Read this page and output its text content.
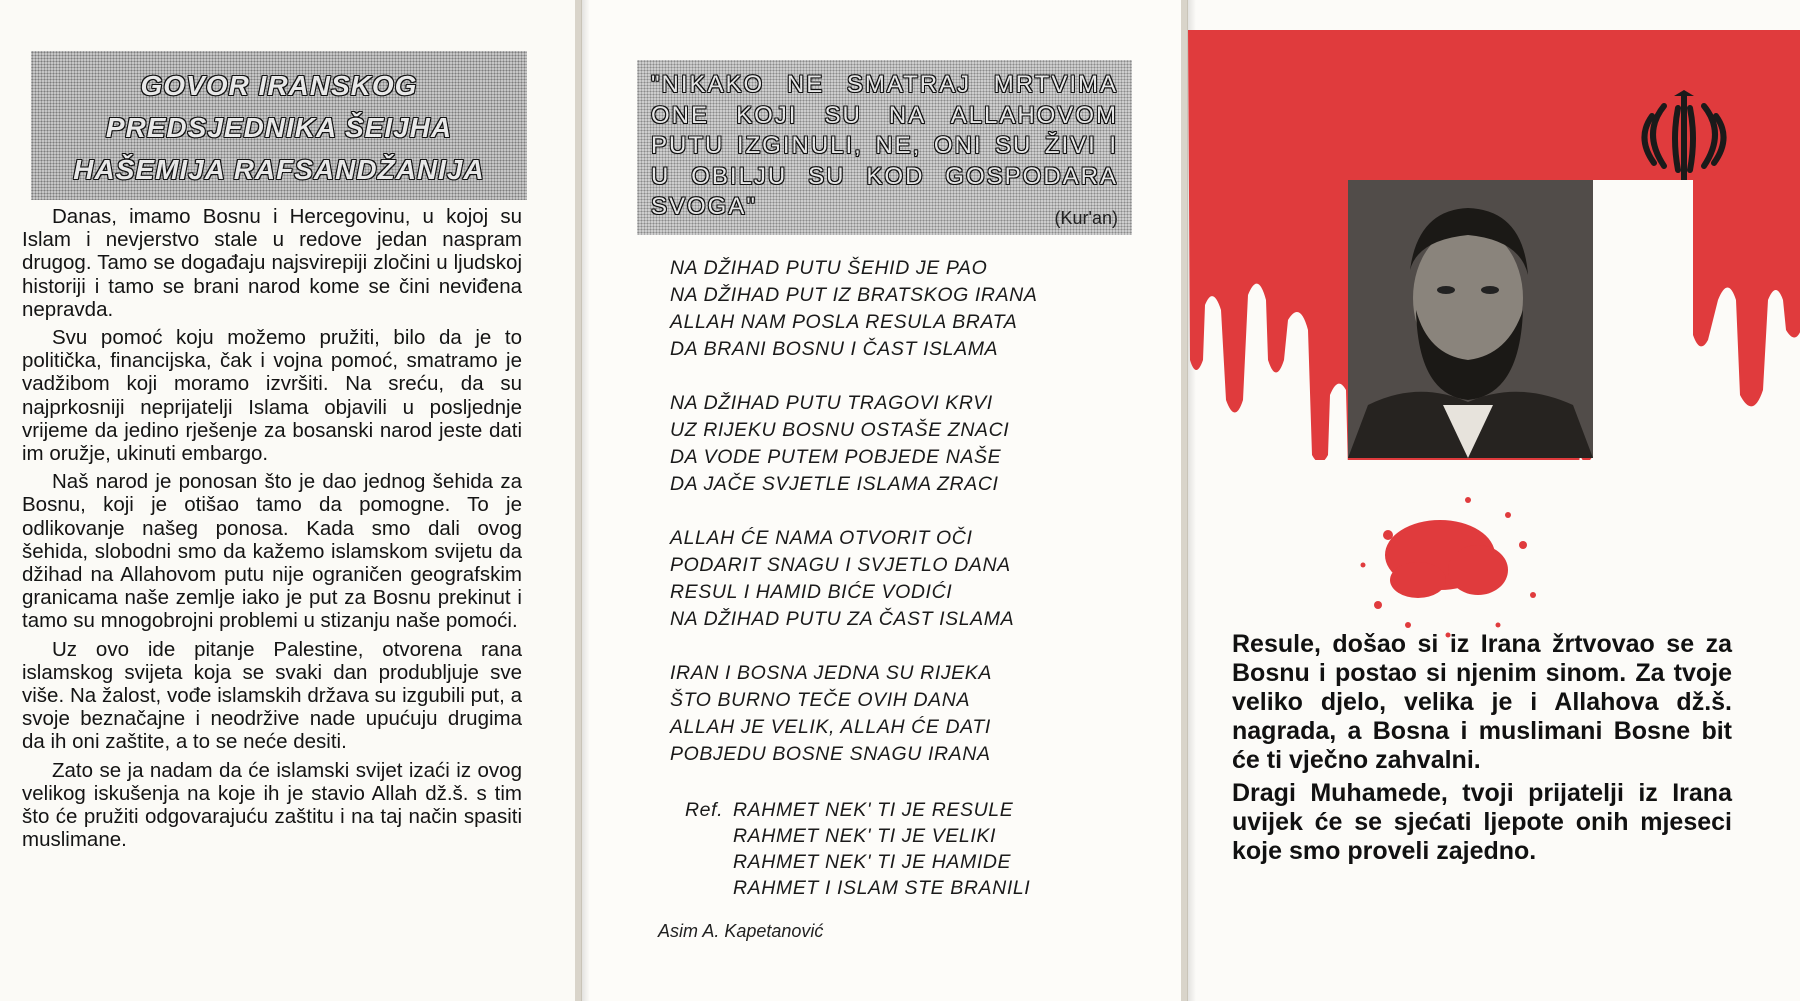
GOVOR IRANSKOG
PREDSJEDNIKA ŠEIJHA
HAŠEMIJA RAFSANDŽANIJA

Danas, imamo Bosnu i Hercegovinu, u kojoj su Islam i nevjerstvo stale u redove jedan naspram drugog. Tamo se događaju najsvirepiji zločini u ljudskoj historiji i tamo se brani narod kome se čini neviđena nepravda.

Svu pomoć koju možemo pružiti, bilo da je to politička, financijska, čak i vojna pomoć, smatramo je vadžibom koji moramo izvršiti. Na sreću, da su najprkosniji neprijatelji Islama objavili u posljednje vrijeme da jedino rješenje za bosanski narod jeste dati im oružje, ukinuti embargo.

Naš narod je ponosan što je dao jednog šehida za Bosnu, koji je otišao tamo da pomogne. To je odlikovanje našeg ponosa. Kada smo dali ovog šehida, slobodni smo da kažemo islamskom svijetu da džihad na Allahovom putu nije ograničen geografskim granicama naše zemlje iako je put za Bosnu prekinut i tamo su mnogobrojni problemi u stizanju naše pomoći.

Uz ovo ide pitanje Palestine, otvorena rana islamskog svijeta koja se svaki dan produbljuje sve više. Na žalost, vođe islamskih država su izgubili put, a svoje beznačajne i neodržive nade upućuju drugima da ih oni zaštite, a to se neće desiti.

Zato se ja nadam da će islamski svijet izaći iz ovog velikog iskušenja na koje ih je stavio Allah dž.š. s tim što će pružiti odgovarajuću zaštitu i na taj način spasiti muslimane.

"NIKAKO NE SMATRAJ MRTVIMA
ONE KOJI SU NA ALLAHOVOM
PUTU IZGINULI, NE, ONI SU ŽIVI I
U OBILJU SU KOD GOSPODARA
SVOGA"	(Kur'an)
NA DŽIHAD PUTU ŠEHID JE PAO
NA DŽIHAD PUT IZ BRATSKOG IRANA
ALLAH NAM POSLA RESULA BRATA
DA BRANI BOSNU I ČAST ISLAMA
NA DŽIHAD PUTU TRAGOVI KRVI
UZ RIJEKU BOSNU OSTAŠE ZNACI
DA VODE PUTEM POBJEDE NAŠE
DA JAČE SVJETLE ISLAMA ZRACI
ALLAH ĆE NAMA OTVORIT OČI
PODARIT SNAGU I SVJETLO DANA
RESUL I HAMID BIĆE VODIĆI
NA DŽIHAD PUTU ZA ČAST ISLAMA
IRAN I BOSNA JEDNA SU RIJEKA
ŠTO BURNO TEČE OVIH DANA
ALLAH JE VELIK, ALLAH ĆE DATI
POBJEDU BOSNE SNAGU IRANA
Ref. RAHMET NEK' TI JE RESULE
RAHMET NEK' TI JE VELIKI
RAHMET NEK' TI JE HAMIDE
RAHMET I ISLAM STE BRANILI
Asim A. Kapetanović

Resule, došao si iz Irana žrtvovao se za Bosnu i postao si njenim sinom. Za tvoje veliko djelo, velika je i Allahova dž.š. nagrada, a Bosna i muslimani Bosne bit će ti vječno zahvalni.

Dragi Muhamede, tvoji prijatelji iz Irana uvijek će se sjećati ljepote onih mjeseci koje smo proveli zajedno.
